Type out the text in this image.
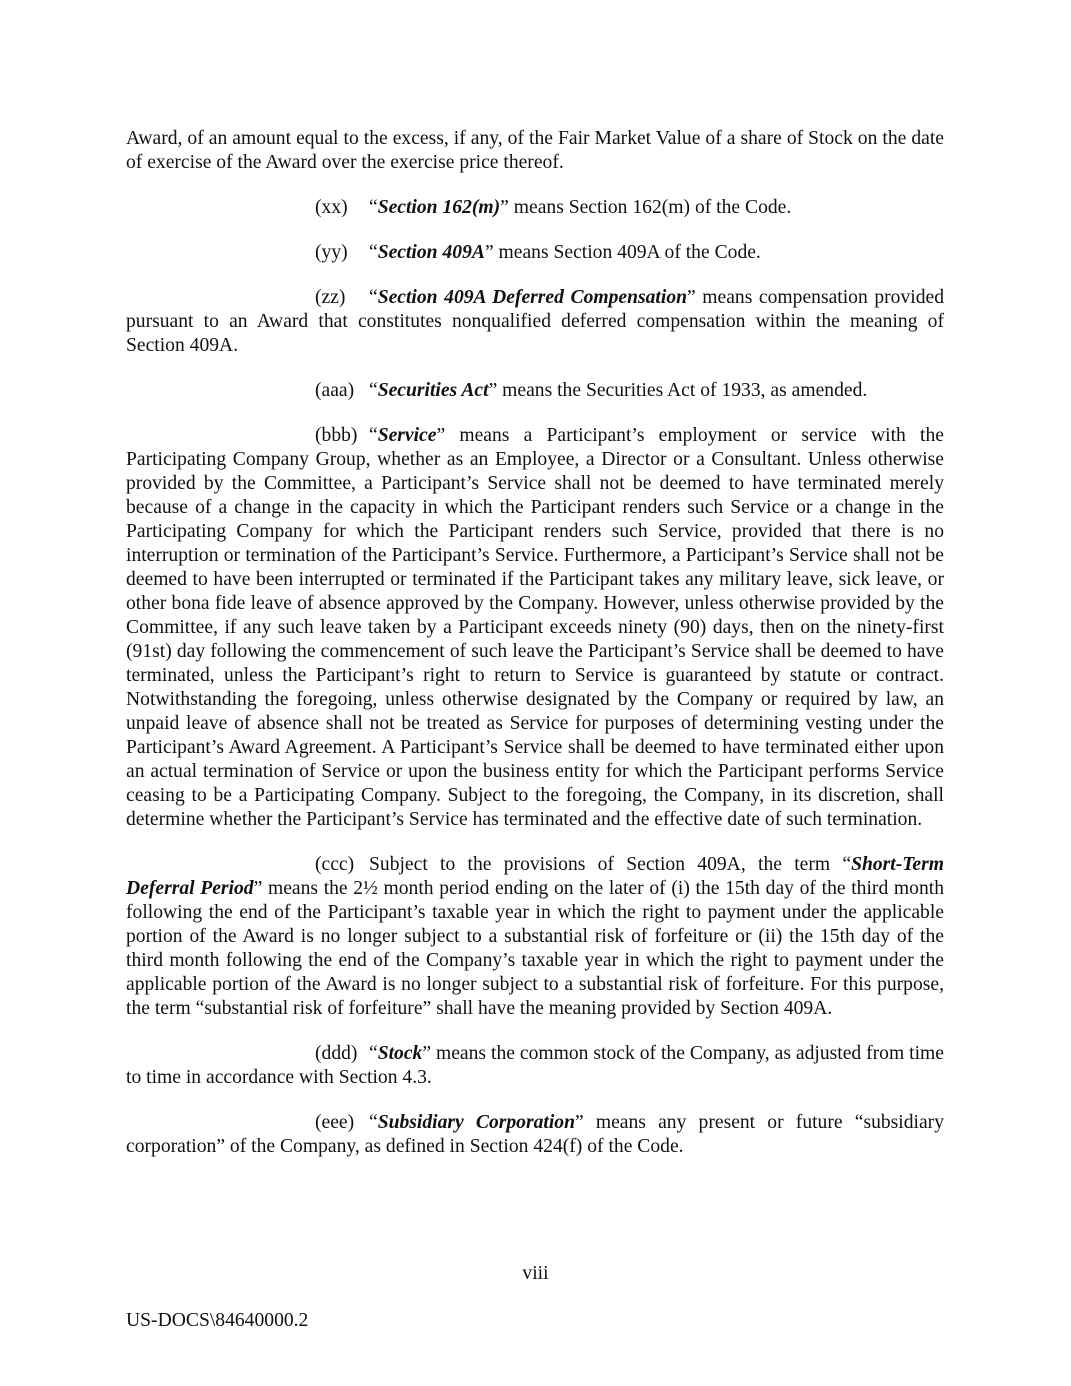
Award, of an amount equal to the excess, if any, of the Fair Market Value of a share of Stock on the date of exercise of the Award over the exercise price thereof.

(xx) “Section 162(m)” means Section 162(m) of the Code.

(yy) “Section 409A” means Section 409A of the Code.

(zz) “Section 409A Deferred Compensation” means compensation provided pursuant to an Award that constitutes nonqualified deferred compensation within the meaning of Section 409A.

(aaa) “Securities Act” means the Securities Act of 1933, as amended.

(bbb) “Service” means a Participant’s employment or service with the Participating Company Group, whether as an Employee, a Director or a Consultant. Unless otherwise provided by the Committee, a Participant’s Service shall not be deemed to have terminated merely because of a change in the capacity in which the Participant renders such Service or a change in the Participating Company for which the Participant renders such Service, provided that there is no interruption or termination of the Participant’s Service. Furthermore, a Participant’s Service shall not be deemed to have been interrupted or terminated if the Participant takes any military leave, sick leave, or other bona fide leave of absence approved by the Company. However, unless otherwise provided by the Committee, if any such leave taken by a Participant exceeds ninety (90) days, then on the ninety-first (91st) day following the commencement of such leave the Participant’s Service shall be deemed to have terminated, unless the Participant’s right to return to Service is guaranteed by statute or contract. Notwithstanding the foregoing, unless otherwise designated by the Company or required by law, an unpaid leave of absence shall not be treated as Service for purposes of determining vesting under the Participant’s Award Agreement. A Participant’s Service shall be deemed to have terminated either upon an actual termination of Service or upon the business entity for which the Participant performs Service ceasing to be a Participating Company. Subject to the foregoing, the Company, in its discretion, shall determine whether the Participant’s Service has terminated and the effective date of such termination.

(ccc) Subject to the provisions of Section 409A, the term “Short-Term Deferral Period” means the 2½ month period ending on the later of (i) the 15th day of the third month following the end of the Participant’s taxable year in which the right to payment under the applicable portion of the Award is no longer subject to a substantial risk of forfeiture or (ii) the 15th day of the third month following the end of the Company’s taxable year in which the right to payment under the applicable portion of the Award is no longer subject to a substantial risk of forfeiture. For this purpose, the term “substantial risk of forfeiture” shall have the meaning provided by Section 409A.

(ddd) “Stock” means the common stock of the Company, as adjusted from time to time in accordance with Section 4.3.

(eee) “Subsidiary Corporation” means any present or future “subsidiary corporation” of the Company, as defined in Section 424(f) of the Code.

viii
US-DOCS\84640000.2
